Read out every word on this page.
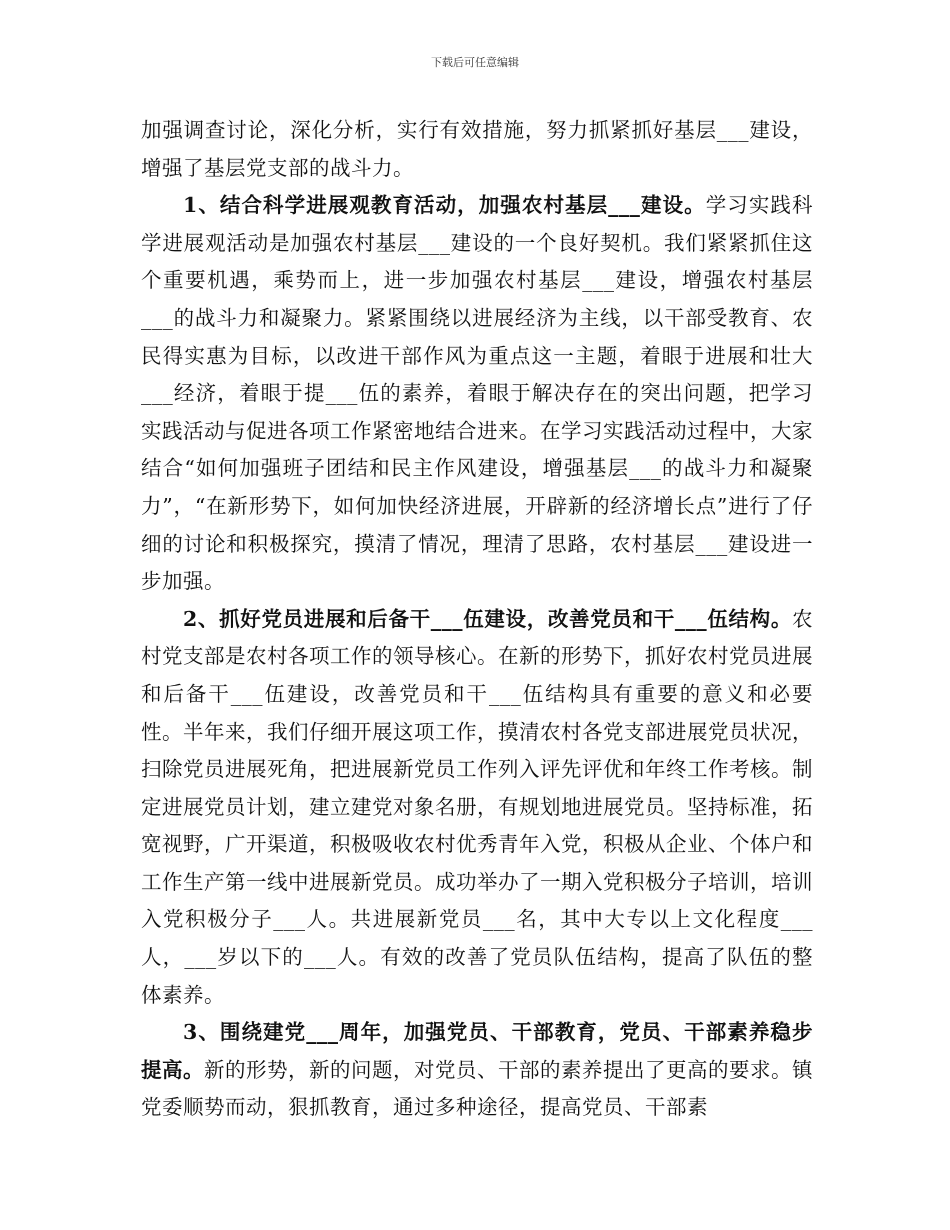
下载后可任意编辑

加强调查讨论，深化分析，实行有效措施，努力抓紧抓好基层___建设，增强了基层党支部的战斗力。

1、结合科学进展观教育活动，加强农村基层___建设。学习实践科学进展观活动是加强农村基层___建设的一个良好契机。我们紧紧抓住这个重要机遇，乘势而上，进一步加强农村基层___建设，增强农村基层___的战斗力和凝聚力。紧紧围绕以进展经济为主线，以干部受教育、农民得实惠为目标，以改进干部作风为重点这一主题，着眼于进展和壮大___经济，着眼于提___伍的素养，着眼于解决存在的突出问题，把学习实践活动与促进各项工作紧密地结合进来。在学习实践活动过程中，大家结合“如何加强班子团结和民主作风建设，增强基层___的战斗力和凝聚力”，“在新形势下，如何加快经济进展，开辟新的经济增长点”进行了仔细的讨论和积极探究，摸清了情况，理清了思路，农村基层___建设进一步加强。

2、抓好党员进展和后备干___伍建设，改善党员和干___伍结构。农村党支部是农村各项工作的领导核心。在新的形势下，抓好农村党员进展和后备干___伍建设，改善党员和干___伍结构具有重要的意义和必要性。半年来，我们仔细开展这项工作，摸清农村各党支部进展党员状况，扫除党员进展死角，把进展新党员工作列入评先评优和年终工作考核。制定进展党员计划，建立建党对象名册，有规划地进展党员。坚持标准，拓宽视野，广开渠道，积极吸收农村优秀青年入党，积极从企业、个体户和工作生产第一线中进展新党员。成功举办了一期入党积极分子培训，培训入党积极分子___人。共进展新党员___名，其中大专以上文化程度___人，___岁以下的___人。有效的改善了党员队伍结构，提高了队伍的整体素养。

3、围绕建党___周年，加强党员、干部教育，党员、干部素养稳步提高。新的形势，新的问题，对党员、干部的素养提出了更高的要求。镇党委顺势而动，狠抓教育，通过多种途径，提高党员、干部素
